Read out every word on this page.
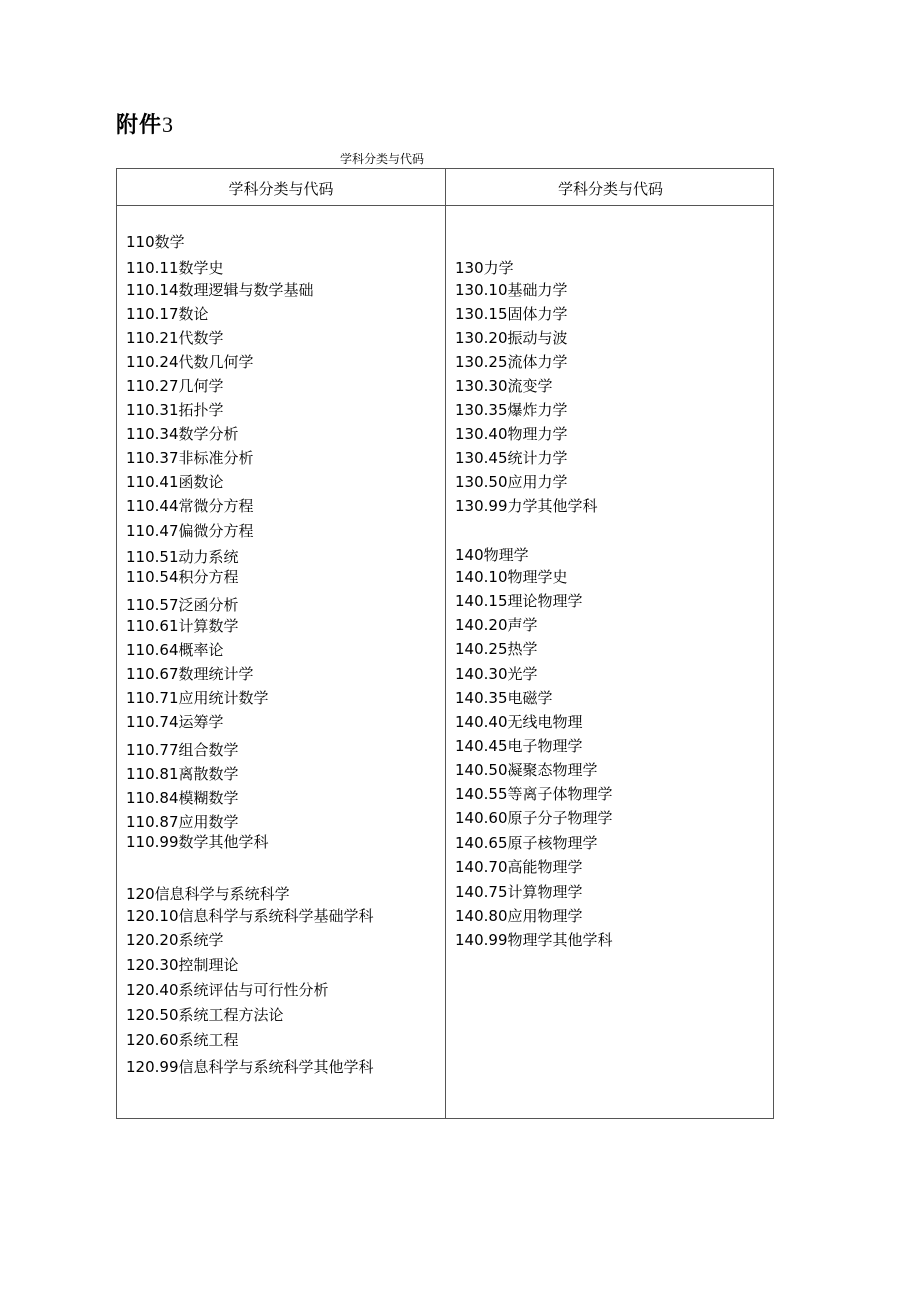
附件3
学科分类与代码
学科分类与代码	学科分类与代码
110数学
110.11数学史
110.14数理逻辑与数学基础
110.17数论
110.21代数学
110.24代数几何学
110.27几何学
110.31拓扑学
110.34数学分析
110.37非标准分析
110.41函数论
110.44常微分方程
110.47偏微分方程
110.51动力系统
110.54积分方程
110.57泛函分析
110.61计算数学
110.64概率论
110.67数理统计学
110.71应用统计数学
110.74运筹学
110.77组合数学
110.81离散数学
110.84模糊数学
110.87应用数学
110.99数学其他学科
120信息科学与系统科学
120.10信息科学与系统科学基础学科
120.20系统学
120.30控制理论
120.40系统评估与可行性分析
120.50系统工程方法论
120.60系统工程
120.99信息科学与系统科学其他学科
130力学
130.10基础力学
130.15固体力学
130.20振动与波
130.25流体力学
130.30流变学
130.35爆炸力学
130.40物理力学
130.45统计力学
130.50应用力学
130.99力学其他学科
140物理学
140.10物理学史
140.15理论物理学
140.20声学
140.25热学
140.30光学
140.35电磁学
140.40无线电物理
140.45电子物理学
140.50凝聚态物理学
140.55等离子体物理学
140.60原子分子物理学
140.65原子核物理学
140.70高能物理学
140.75计算物理学
140.80应用物理学
140.99物理学其他学科
